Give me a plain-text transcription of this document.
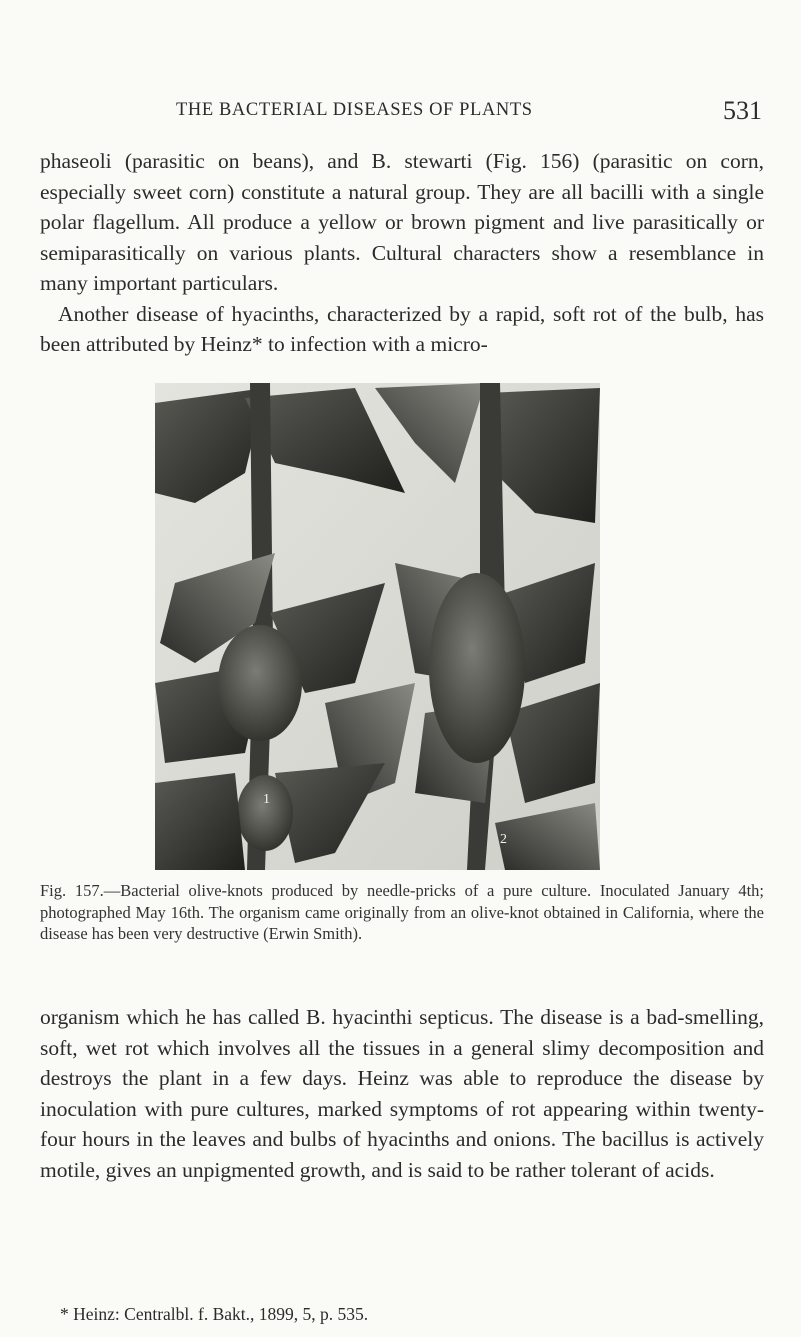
THE BACTERIAL DISEASES OF PLANTS	531

phaseoli (parasitic on beans), and B. stewarti (Fig. 156) (parasitic on corn, especially sweet corn) constitute a natural group. They are all bacilli with a single polar flagellum. All produce a yellow or brown pigment and live parasitically or semiparasitically on various plants. Cultural characters show a resemblance in many important particulars.

Another disease of hyacinths, characterized by a rapid, soft rot of the bulb, has been attributed by Heinz* to infection with a micro-

1
2

Fig. 157.—Bacterial olive-knots produced by needle-pricks of a pure culture. Inoculated January 4th; photographed May 16th. The organism came originally from an olive-knot obtained in California, where the disease has been very destructive (Erwin Smith).

organism which he has called B. hyacinthi septicus. The disease is a bad-smelling, soft, wet rot which involves all the tissues in a general slimy decomposition and destroys the plant in a few days. Heinz was able to reproduce the disease by inoculation with pure cultures, marked symptoms of rot appearing within twenty-four hours in the leaves and bulbs of hyacinths and onions. The bacillus is actively motile, gives an unpigmented growth, and is said to be rather tolerant of acids.

* Heinz: Centralbl. f. Bakt., 1899, 5, p. 535.
